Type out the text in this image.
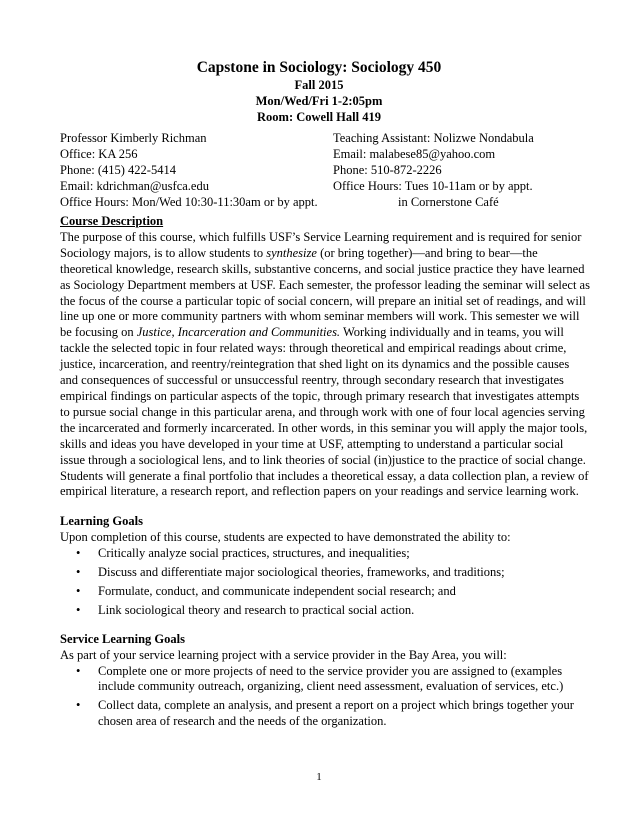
Capstone in Sociology: Sociology 450
Fall 2015
Mon/Wed/Fri 1-2:05pm
Room: Cowell Hall 419
Professor Kimberly Richman
Office: KA 256
Phone: (415) 422-5414
Email: kdrichman@usfca.edu
Office Hours: Mon/Wed 10:30-11:30am or by appt.
Teaching Assistant: Nolizwe Nondabula
Email: malabese85@yahoo.com
Phone: 510-872-2226
Office Hours: Tues 10-11am or by appt.
in Cornerstone Café
Course Description

The purpose of this course, which fulfills USF’s Service Learning requirement and is required for senior Sociology majors, is to allow students to synthesize (or bring together)—and bring to bear—the theoretical knowledge, research skills, substantive concerns, and social justice practice they have learned as Sociology Department members at USF. Each semester, the professor leading the seminar will select as the focus of the course a particular topic of social concern, will prepare an initial set of readings, and will line up one or more community partners with whom seminar members will work. This semester we will be focusing on Justice, Incarceration and Communities. Working individually and in teams, you will tackle the selected topic in four related ways: through theoretical and empirical readings about crime, justice, incarceration, and reentry/reintegration that shed light on its dynamics and the possible causes and consequences of successful or unsuccessful reentry, through secondary research that investigates empirical findings on particular aspects of the topic, through primary research that investigates attempts to pursue social change in this particular arena, and through work with one of four local agencies serving the incarcerated and formerly incarcerated. In other words, in this seminar you will apply the major tools, skills and ideas you have developed in your time at USF, attempting to understand a particular social issue through a sociological lens, and to link theories of social (in)justice to the practice of social change. Students will generate a final portfolio that includes a theoretical essay, a data collection plan, a review of empirical literature, a research report, and reflection papers on your readings and service learning work.

Learning Goals

Upon completion of this course, students are expected to have demonstrated the ability to:

• Critically analyze social practices, structures, and inequalities;
• Discuss and differentiate major sociological theories, frameworks, and traditions;
• Formulate, conduct, and communicate independent social research; and
• Link sociological theory and research to practical social action.
Service Learning Goals

As part of your service learning project with a service provider in the Bay Area, you will:

• Complete one or more projects of need to the service provider you are assigned to (examples include community outreach, organizing, client need assessment, evaluation of services, etc.)
• Collect data, complete an analysis, and present a report on a project which brings together your chosen area of research and the needs of the organization.
1
